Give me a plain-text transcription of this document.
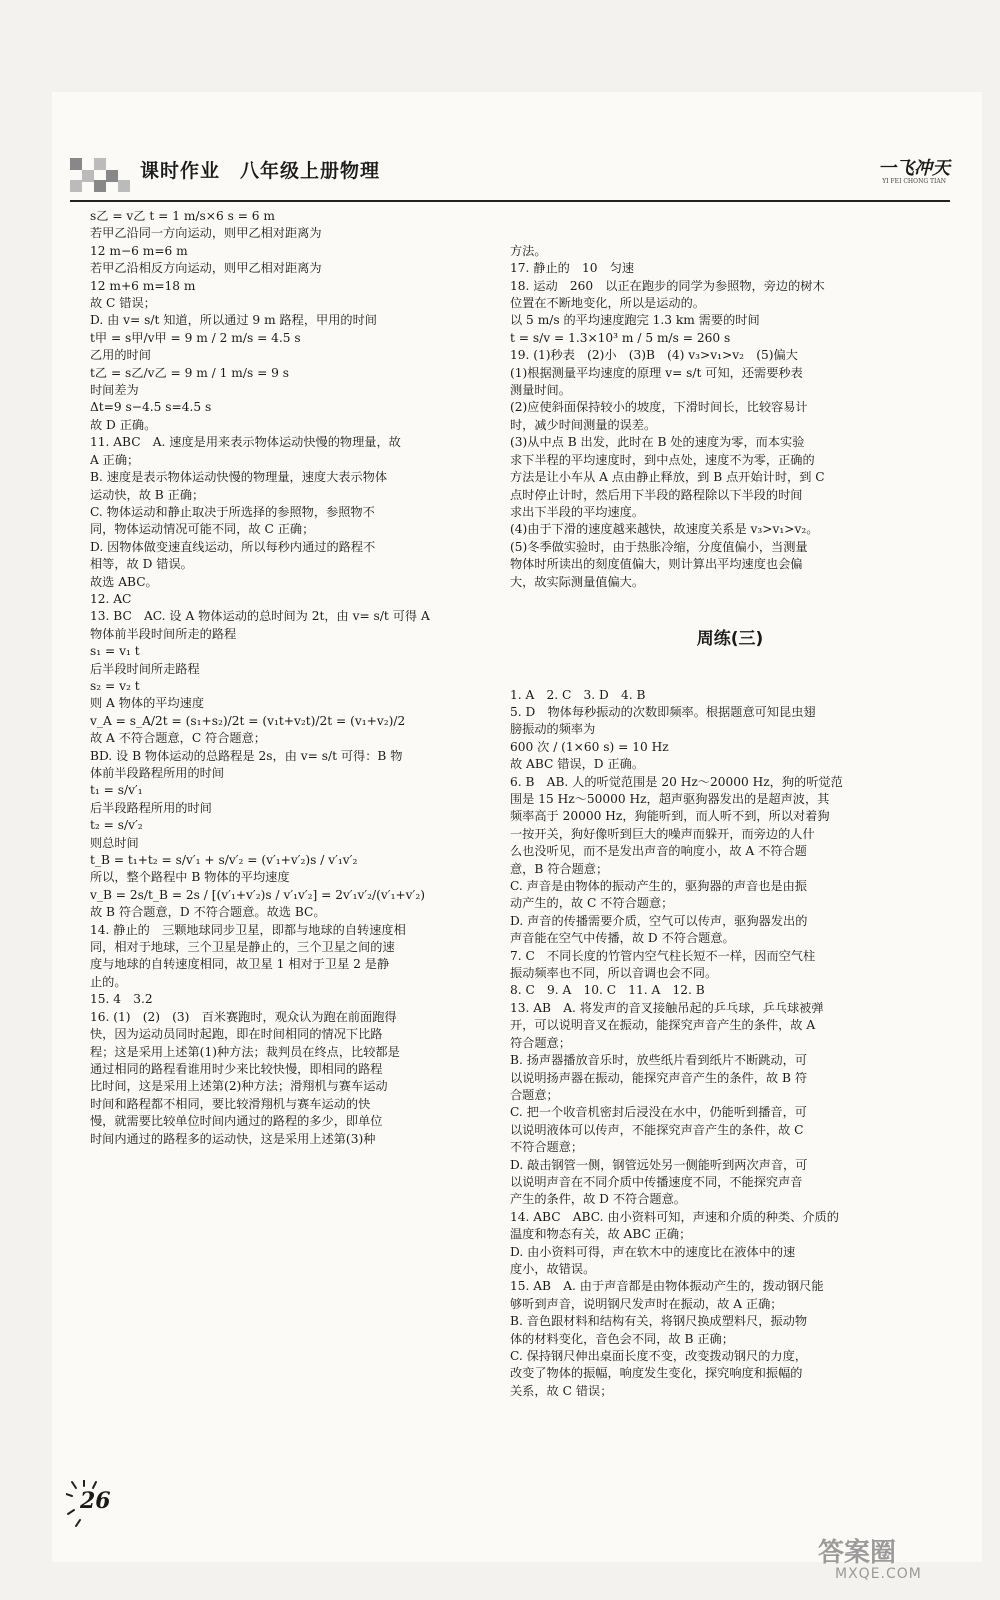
课时作业　八年级上册物理	一飞冲天
YI FEI CHONG TIAN
s乙 = v乙 t = 1 m/s×6 s = 6 m
若甲乙沿同一方向运动，则甲乙相对距离为
12 m−6 m=6 m
若甲乙沿相反方向运动，则甲乙相对距离为
12 m+6 m=18 m
故 C 错误；
D. 由 v= s/t 知道，所以通过 9 m 路程，甲用的时间
t甲 = s甲/v甲 = 9 m / 2 m/s = 4.5 s
乙用的时间
t乙 = s乙/v乙 = 9 m / 1 m/s = 9 s
时间差为
Δt=9 s−4.5 s=4.5 s
故 D 正确。
11. ABC　A. 速度是用来表示物体运动快慢的物理量，故
A 正确；
B. 速度是表示物体运动快慢的物理量，速度大表示物体
运动快，故 B 正确；
C. 物体运动和静止取决于所选择的参照物，参照物不
同，物体运动情况可能不同，故 C 正确；
D. 因物体做变速直线运动，所以每秒内通过的路程不
相等，故 D 错误。
故选 ABC。
12. AC
13. BC　AC. 设 A 物体运动的总时间为 2t，由 v= s/t 可得 A
物体前半段时间所走的路程
s₁ = v₁ t
后半段时间所走路程
s₂ = v₂ t
则 A 物体的平均速度
v_A = s_A/2t = (s₁+s₂)/2t = (v₁t+v₂t)/2t = (v₁+v₂)/2
故 A 不符合题意，C 符合题意；
BD. 设 B 物体运动的总路程是 2s，由 v= s/t 可得：B 物
体前半段路程所用的时间
t₁ = s/v′₁
后半段路程所用的时间
t₂ = s/v′₂
则总时间
t_B = t₁+t₂ = s/v′₁ + s/v′₂ = (v′₁+v′₂)s / v′₁v′₂
所以，整个路程中 B 物体的平均速度
v_B = 2s/t_B = 2s / [(v′₁+v′₂)s / v′₁v′₂] = 2v′₁v′₂/(v′₁+v′₂)
故 B 符合题意，D 不符合题意。故选 BC。
14. 静止的　三颗地球同步卫星，即都与地球的自转速度相
同，相对于地球，三个卫星是静止的，三个卫星之间的速
度与地球的自转速度相同，故卫星 1 相对于卫星 2 是静
止的。
15. 4　3.2
16. (1)　(2)　(3)　百米赛跑时，观众认为跑在前面跑得
快，因为运动员同时起跑，即在时间相同的情况下比路
程；这是采用上述第(1)种方法；裁判员在终点，比较都是
通过相同的路程看谁用时少来比较快慢，即相同的路程
比时间，这是采用上述第(2)种方法；滑翔机与赛车运动
时间和路程都不相同，要比较滑翔机与赛车运动的快
慢，就需要比较单位时间内通过的路程的多少，即单位
时间内通过的路程多的运动快，这是采用上述第(3)种

方法。
17. 静止的　10　匀速
18. 运动　260　以正在跑步的同学为参照物，旁边的树木
位置在不断地变化，所以是运动的。
以 5 m/s 的平均速度跑完 1.3 km 需要的时间
t = s/v = 1.3×10³ m / 5 m/s = 260 s
19. (1)秒表　(2)小　(3)B　(4) v₃>v₁>v₂　(5)偏大
(1)根据测量平均速度的原理 v= s/t 可知，还需要秒表
测量时间。
(2)应使斜面保持较小的坡度，下滑时间长，比较容易计
时，减少时间测量的误差。
(3)从中点 B 出发，此时在 B 处的速度为零，而本实验
求下半程的平均速度时，到中点处，速度不为零，正确的
方法是让小车从 A 点由静止释放，到 B 点开始计时，到 C
点时停止计时，然后用下半段的路程除以下半段的时间
求出下半段的平均速度。
(4)由于下滑的速度越来越快，故速度关系是 v₃>v₁>v₂。
(5)冬季做实验时，由于热胀冷缩，分度值偏小，当测量
物体时所读出的刻度值偏大，则计算出平均速度也会偏
大，故实际测量值偏大。

周练(三)

1. A　2. C　3. D　4. B
5. D　物体每秒振动的次数即频率。根据题意可知昆虫翅
膀振动的频率为
600 次 / (1×60 s) = 10 Hz
故 ABC 错误，D 正确。
6. B　AB. 人的听觉范围是 20 Hz～20000 Hz，狗的听觉范
围是 15 Hz～50000 Hz，超声驱狗器发出的是超声波，其
频率高于 20000 Hz，狗能听到，而人听不到，所以对着狗
一按开关，狗好像听到巨大的噪声而躲开，而旁边的人什
么也没听见，而不是发出声音的响度小，故 A 不符合题
意，B 符合题意；
C. 声音是由物体的振动产生的，驱狗器的声音也是由振
动产生的，故 C 不符合题意；
D. 声音的传播需要介质，空气可以传声，驱狗器发出的
声音能在空气中传播，故 D 不符合题意。
7. C　不同长度的竹管内空气柱长短不一样，因而空气柱
振动频率也不同，所以音调也会不同。
8. C　9. A　10. C　11. A　12. B
13. AB　A. 将发声的音叉接触吊起的乒乓球，乒乓球被弹
开，可以说明音叉在振动，能探究声音产生的条件，故 A
符合题意；
B. 扬声器播放音乐时，放些纸片看到纸片不断跳动，可
以说明扬声器在振动，能探究声音产生的条件，故 B 符
合题意；
C. 把一个收音机密封后浸没在水中，仍能听到播音，可
以说明液体可以传声，不能探究声音产生的条件，故 C
不符合题意；
D. 敲击钢管一侧，钢管远处另一侧能听到两次声音，可
以说明声音在不同介质中传播速度不同，不能探究声音
产生的条件，故 D 不符合题意。
14. ABC　ABC. 由小资料可知，声速和介质的种类、介质的
温度和物态有关，故 ABC 正确；
D. 由小资料可得，声在软木中的速度比在液体中的速
度小，故错误。
15. AB　A. 由于声音都是由物体振动产生的，拨动钢尺能
够听到声音，说明钢尺发声时在振动，故 A 正确；
B. 音色跟材料和结构有关，将钢尺换成塑料尺，振动物
体的材料变化，音色会不同，故 B 正确；
C. 保持钢尺伸出桌面长度不变，改变拨动钢尺的力度，
改变了物体的振幅，响度发生变化，探究响度和振幅的
关系，故 C 错误；

26
答案圈
MXQE.COM
